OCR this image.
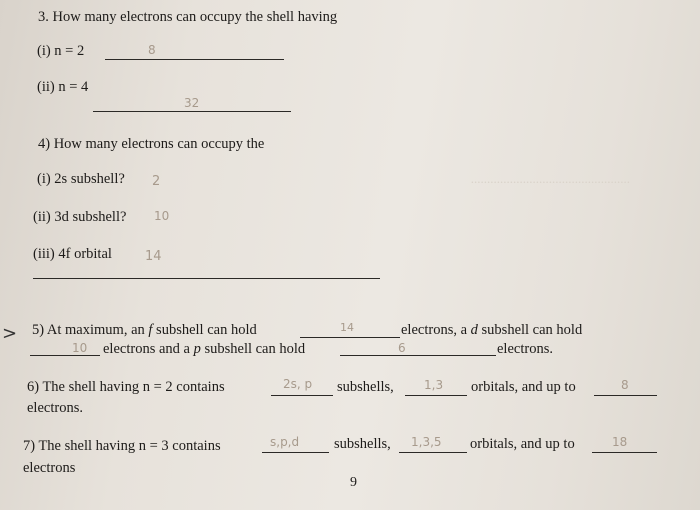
.................................................
3. How many electrons can occupy the shell having
(i) n = 2	8
(ii) n = 4
32
4) How many electrons can occupy the
(i) 2s subshell? 2
(ii) 3d subshell? 10
(iii) 4f orbital	14
> 5) At maximum, an f subshell can hold	14	electrons, a d subshell can hold
10 electrons and a p subshell can hold	6	electrons.
6) The shell having n = 2 contains	2s, p subshells,	1,3 orbitals, and up to	8
electrons.
7) The shell having n = 3 contains	s,p,d subshells, 1,3,5 orbitals, and up to	18
electrons
9
